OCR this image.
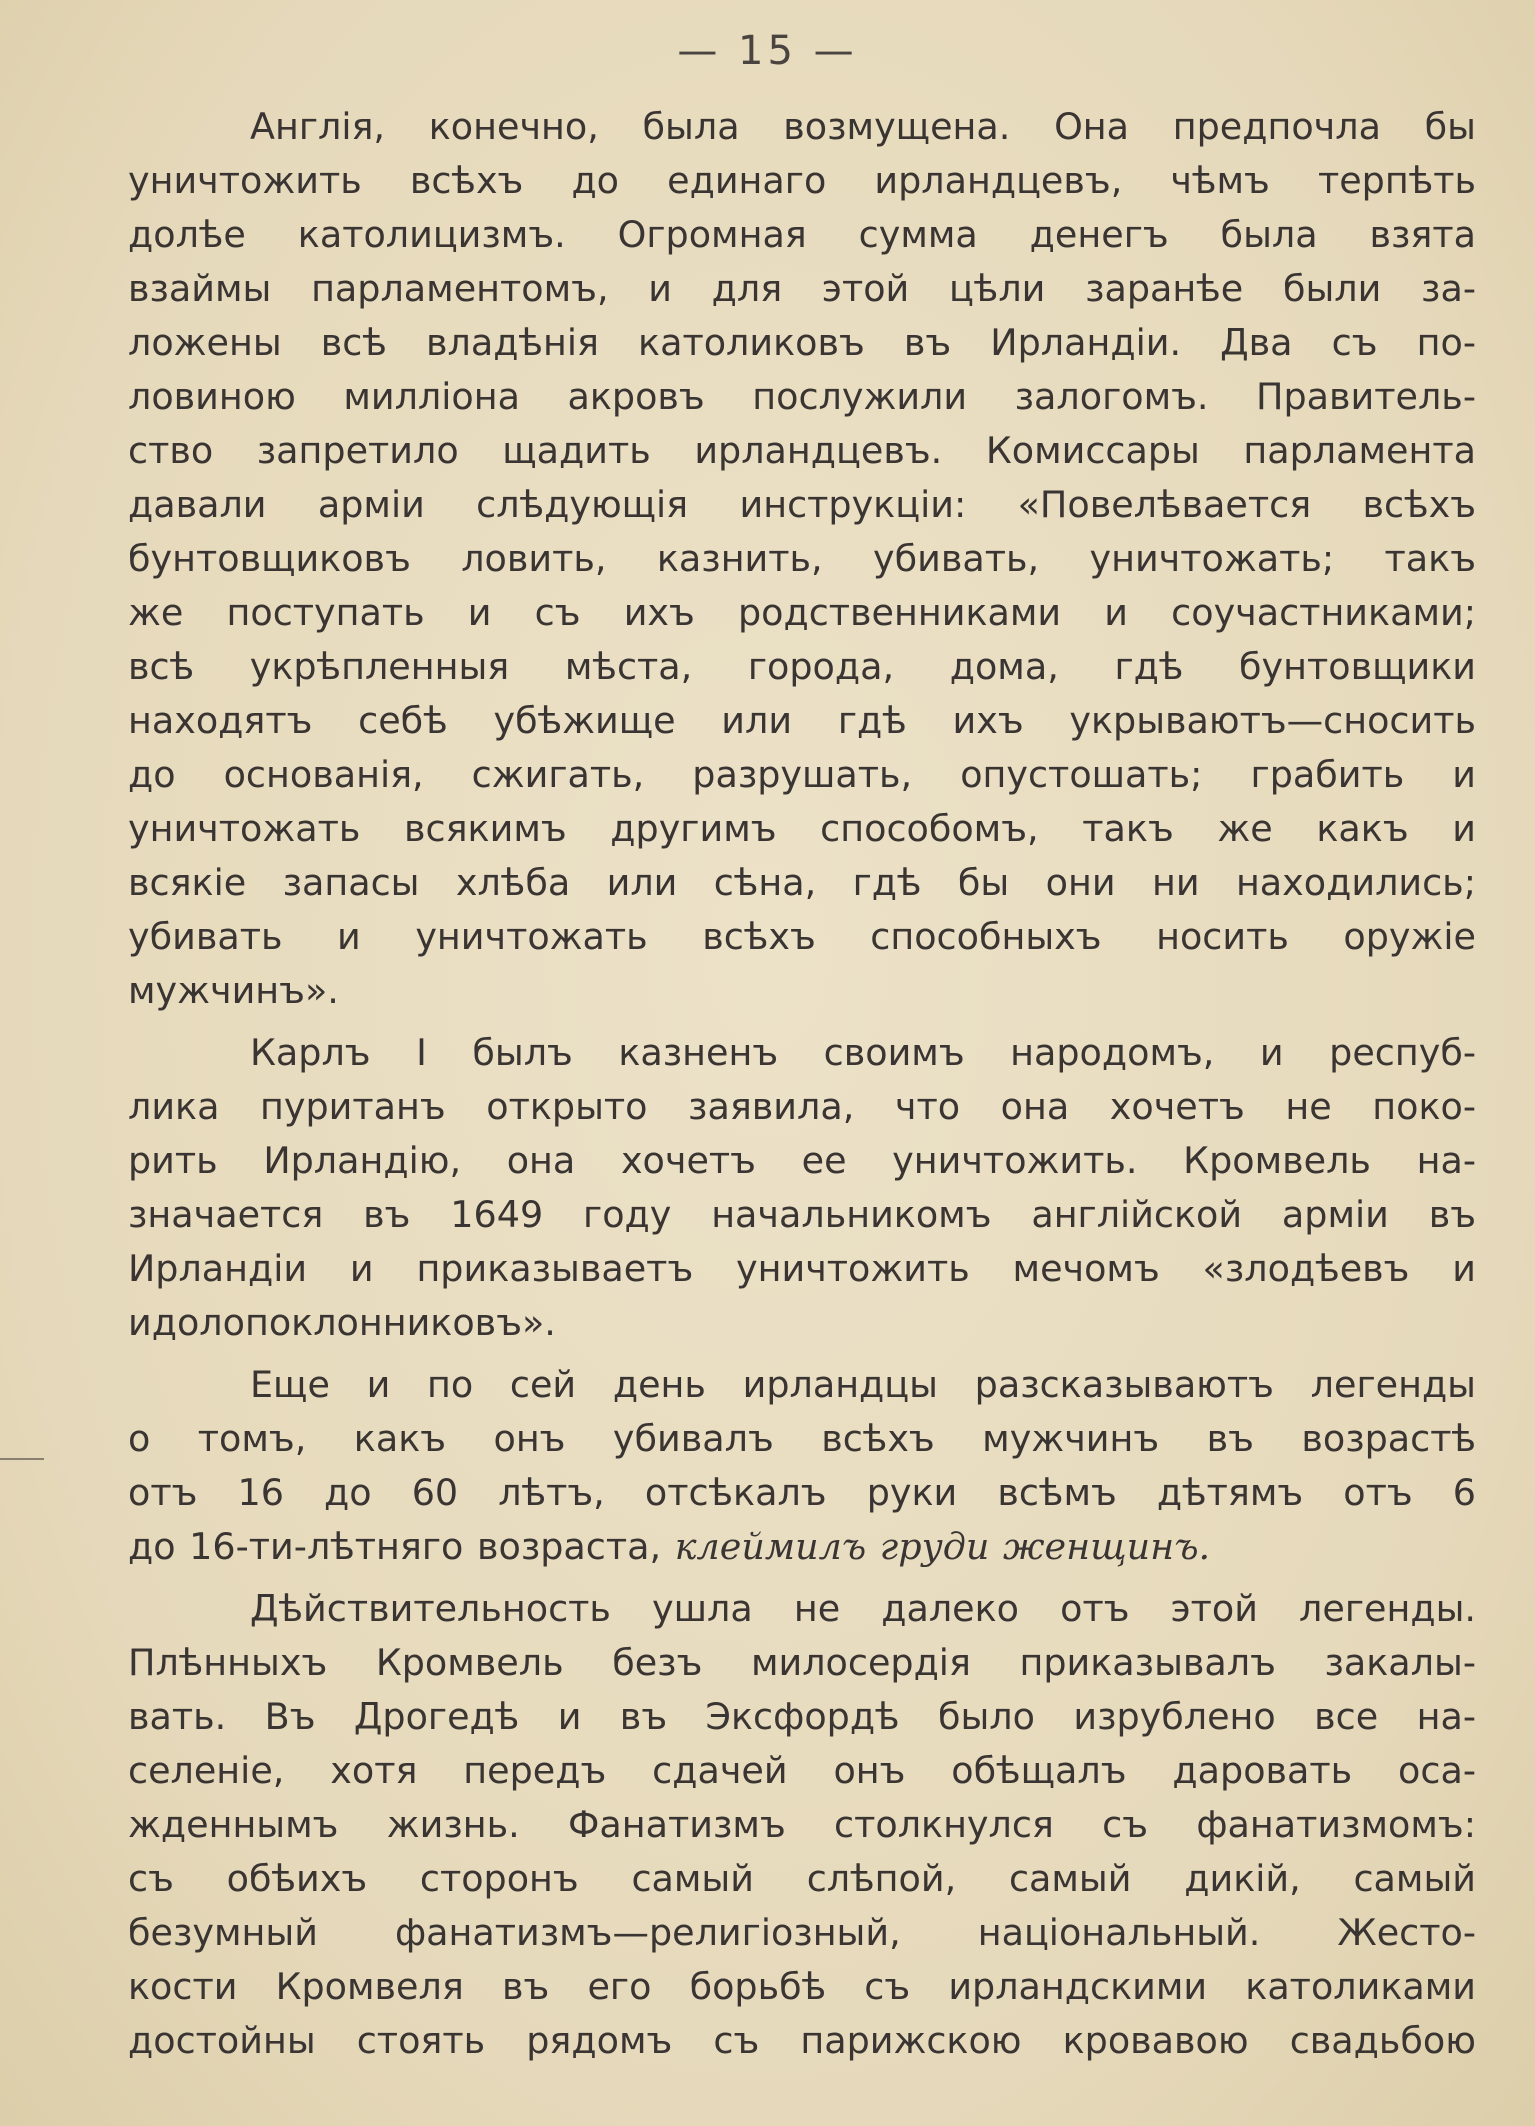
— 15 —
Англія, конечно, была возмущена. Она предпочла бы
уничтожить всѣхъ до единаго ирландцевъ, чѣмъ терпѣть
долѣе католицизмъ. Огромная сумма денегъ была взята
взаймы парламентомъ, и для этой цѣли заранѣе были за-
ложены всѣ владѣнія католиковъ въ Ирландіи. Два съ по-
ловиною милліона акровъ послужили залогомъ. Правитель-
ство запретило щадить ирландцевъ. Комиссары парламента
давали арміи слѣдующія инструкціи: «Повелѣвается всѣхъ
бунтовщиковъ ловить, казнить, убивать, уничтожать; такъ
же поступать и съ ихъ родственниками и соучастниками;
всѣ укрѣпленныя мѣста, города, дома, гдѣ бунтовщики
находятъ себѣ убѣжище или гдѣ ихъ укрываютъ—сносить
до основанія, сжигать, разрушать, опустошать; грабить и
уничтожать всякимъ другимъ способомъ, такъ же какъ и
всякіе запасы хлѣба или сѣна, гдѣ бы они ни находились;
убивать и уничтожать всѣхъ способныхъ носить оружіе
мужчинъ».
Карлъ I былъ казненъ своимъ народомъ, и респуб-
лика пуританъ открыто заявила, что она хочетъ не поко-
рить Ирландію, она хочетъ ее уничтожить. Кромвель на-
значается въ 1649 году начальникомъ англійской арміи въ
Ирландіи и приказываетъ уничтожить мечомъ «злодѣевъ и
идолопоклонниковъ».
Еще и по сей день ирландцы разсказываютъ легенды
о томъ, какъ онъ убивалъ всѣхъ мужчинъ въ возрастѣ
отъ 16 до 60 лѣтъ, отсѣкалъ руки всѣмъ дѣтямъ отъ 6
до 16-ти-лѣтняго возраста, клеймилъ груди женщинъ.
Дѣйствительность ушла не далеко отъ этой легенды.
Плѣнныхъ Кромвель безъ милосердія приказывалъ закалы-
вать. Въ Дрогедѣ и въ Эксфордѣ было изрублено все на-
селеніе, хотя передъ сдачей онъ обѣщалъ даровать оса-
жденнымъ жизнь. Фанатизмъ столкнулся съ фанатизмомъ:
съ обѣихъ сторонъ самый слѣпой, самый дикій, самый
безумный фанатизмъ—религіозный, національный. Жесто-
кости Кромвеля въ его борьбѣ съ ирландскими католиками
достойны стоять рядомъ съ парижскою кровавою свадьбою
